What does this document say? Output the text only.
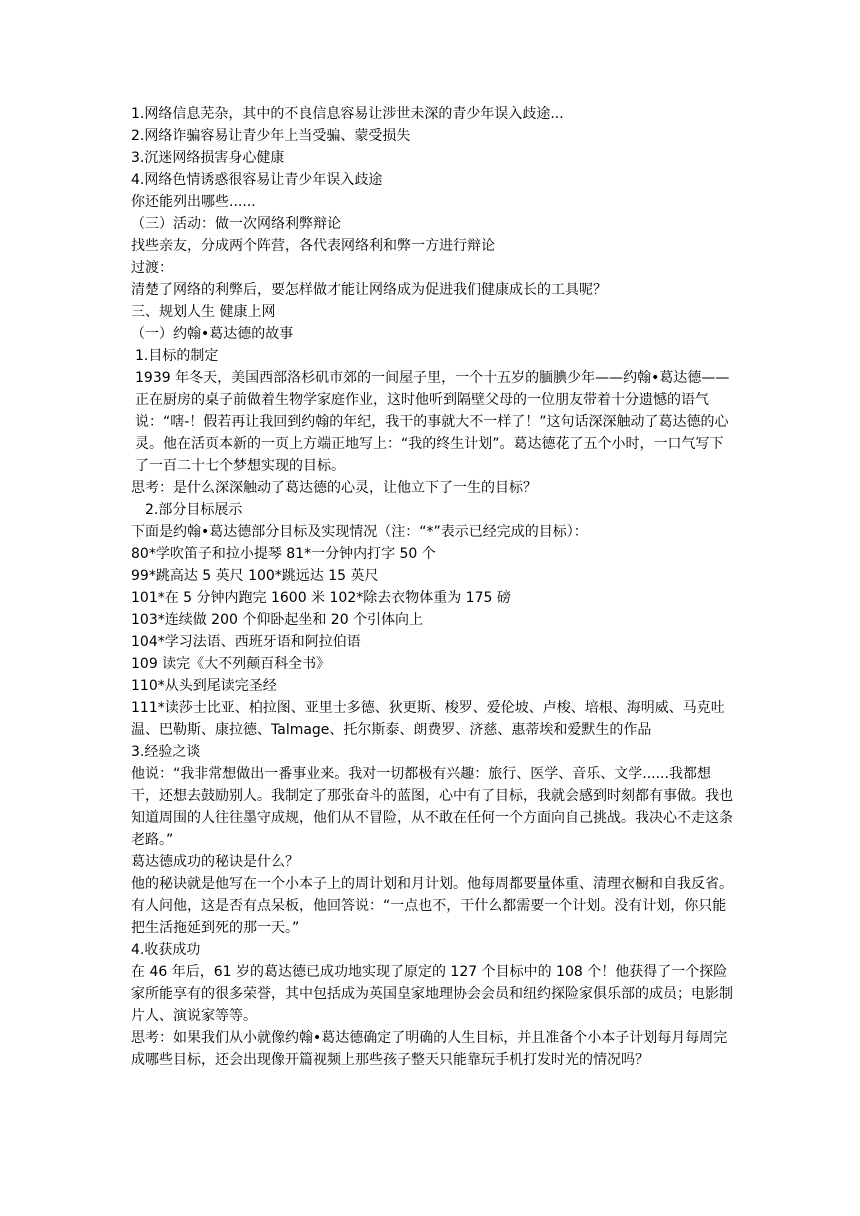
1.网络信息芜杂，其中的不良信息容易让涉世未深的青少年误入歧途...

2.网络诈骗容易让青少年上当受骗、蒙受损失

3.沉迷网络损害身心健康

4.网络色情诱惑很容易让青少年误入歧途

你还能列出哪些......

（三）活动：做一次网络利弊辩论

找些亲友，分成两个阵营，各代表网络利和弊一方进行辩论

过渡：

清楚了网络的利弊后，要怎样做才能让网络成为促进我们健康成长的工具呢？

三、规划人生 健康上网

（一）约翰•葛达德的故事

1.目标的制定

1939 年冬天，美国西部洛杉矶市郊的一间屋子里，一个十五岁的腼腆少年——约翰•葛达德——正在厨房的桌子前做着生物学家庭作业，这时他听到隔壁父母的一位朋友带着十分遗憾的语气说：“嗐-！假若再让我回到约翰的年纪，我干的事就大不一样了！”这句话深深触动了葛达德的心灵。他在活页本新的一页上方端正地写上：“我的终生计划”。葛达德花了五个小时，一口气写下了一百二十七个梦想实现的目标。

思考：是什么深深触动了葛达德的心灵，让他立下了一生的目标？

2.部分目标展示

下面是约翰•葛达德部分目标及实现情况（注：“*”表示已经完成的目标）：

80*学吹笛子和拉小提琴 81*一分钟内打字 50 个

99*跳高达 5 英尺 100*跳远达 15 英尺

101*在 5 分钟内跑完 1600 米 102*除去衣物体重为 175 磅

103*连续做 200 个仰卧起坐和 20 个引体向上

104*学习法语、西班牙语和阿拉伯语

109 读完《大不列颠百科全书》

110*从头到尾读完圣经

111*读莎士比亚、柏拉图、亚里士多德、狄更斯、梭罗、爱伦坡、卢梭、培根、海明威、马克吐温、巴勒斯、康拉德、Talmage、托尔斯泰、朗费罗、济慈、惠蒂埃和爱默生的作品

3.经验之谈

他说：“我非常想做出一番事业来。我对一切都极有兴趣：旅行、医学、音乐、文学......我都想干，还想去鼓励别人。我制定了那张奋斗的蓝图，心中有了目标，我就会感到时刻都有事做。我也知道周围的人往往墨守成规，他们从不冒险，从不敢在任何一个方面向自己挑战。我决心不走这条老路。”

葛达德成功的秘诀是什么？

他的秘诀就是他写在一个小本子上的周计划和月计划。他每周都要量体重、清理衣橱和自我反省。有人问他，这是否有点呆板，他回答说：“一点也不，干什么都需要一个计划。没有计划，你只能把生活拖延到死的那一天。”

4.收获成功

在 46 年后，61 岁的葛达德已成功地实现了原定的 127 个目标中的 108 个！他获得了一个探险家所能享有的很多荣誉，其中包括成为英国皇家地理协会会员和纽约探险家俱乐部的成员；电影制片人、演说家等等。

思考：如果我们从小就像约翰•葛达德确定了明确的人生目标，并且准备个小本子计划每月每周完成哪些目标，还会出现像开篇视频上那些孩子整天只能靠玩手机打发时光的情况吗？
